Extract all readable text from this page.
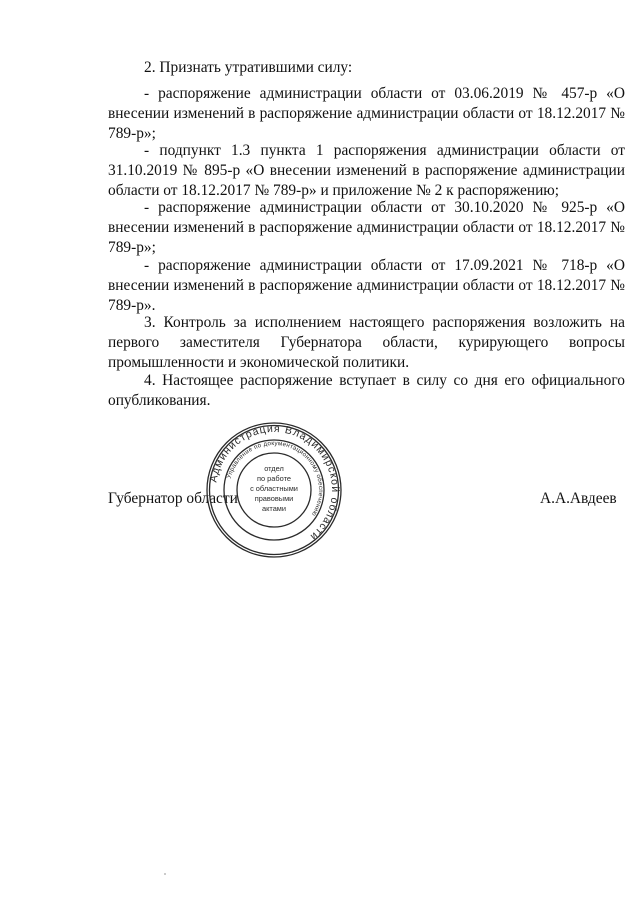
2. Признать утратившими силу:

- распоряжение администрации области от 03.06.2019 № 457-р «О внесении изменений в распоряжение администрации области от 18.12.2017 № 789-р»;

- подпункт 1.3 пункта 1 распоряжения администрации области от 31.10.2019 № 895-р «О внесении изменений в распоряжение администрации области от 18.12.2017 № 789-р» и приложение № 2 к распоряжению;

- распоряжение администрации области от 30.10.2020 № 925-р «О внесении изменений в распоряжение администрации области от 18.12.2017 № 789-р»;

- распоряжение администрации области от 17.09.2021 № 718-р «О внесении изменений в распоряжение администрации области от 18.12.2017 № 789-р».

3. Контроль за исполнением настоящего распоряжения возложить на первого заместителя Губернатора области, курирующего вопросы промышленности и экономической политики.

4. Настоящее распоряжение вступает в силу со дня его официального опубликования.

Губернатор области	А.А.Авдеев

Администрация Владимирской области
Управление по документационному обеспечению
отдел
по работе
с областными
правовыми
актами
